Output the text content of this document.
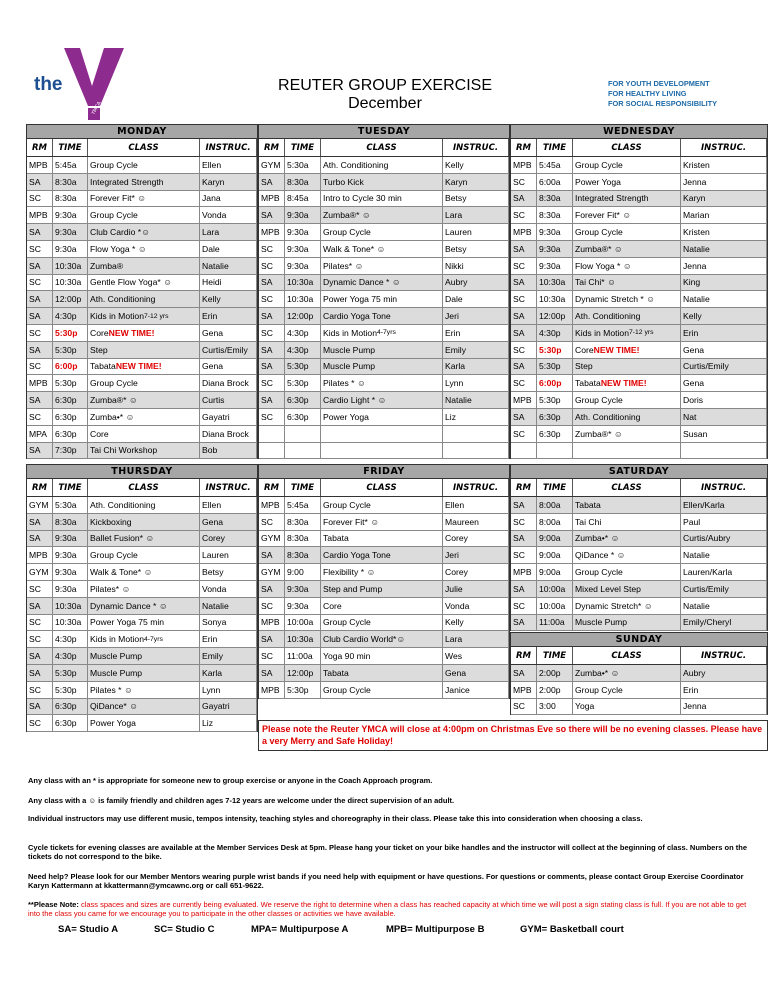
the
YMCA
REUTER GROUP EXERCISE
December
FOR YOUTH DEVELOPMENT
FOR HEALTHY LIVING
FOR SOCIAL RESPONSIBILITY
MONDAY
RM	TIME	CLASS	INSTRUC.
MPB 5:45a Group Cycle	Ellen
SA 8:30a Integrated Strength	Karyn
SC 8:30a Forever Fit* ☺	Jana
MPB 9:30a Group Cycle	Vonda
SA 9:30a Club Cardio *☺	Lara
SC 9:30a Flow Yoga * ☺	Dale
SA 10:30a Zumba®	Natalie
SC 10:30a Gentle Flow Yoga* ☺	Heidi
SA 12:00p Ath. Conditioning	Kelly
SA 4:30p Kids in Motion 7-12 yrs	Erin
SC 5:30p Core NEW TIME!	Gena
SA 5:30p Step	Curtis/Emily
SC 6:00p Tabata NEW TIME!	Gena
MPB 5:30p Group Cycle	Diana Brock
SA 6:30p Zumba®* ☺	Curtis
SC 6:30p Zumba•* ☺	Gayatri
MPA 6:30p Core	Diana Brock
SA 7:30p Tai Chi Workshop	Bob
TUESDAY
RM	TIME	CLASS	INSTRUC.
GYM 5:30a Ath. Conditioning	Kelly
SA 8:30a Turbo Kick	Karyn
MPB 8:45a Intro to Cycle 30 min	Betsy
SA 9:30a Zumba®* ☺	Lara
MPB 9:30a Group Cycle	Lauren
SC 9:30a Walk & Tone* ☺	Betsy
SC 9:30a Pilates* ☺	Nikki
SA 10:30a Dynamic Dance * ☺	Aubry
SC 10:30a Power Yoga 75 min	Dale
SA 12:00p Cardio Yoga Tone	Jeri
SC 4:30p Kids in Motion 4-7yrs	Erin
SA 4:30p Muscle Pump	Emily
SA 5:30p Muscle Pump	Karla
SC 5:30p Pilates * ☺	Lynn
SA 6:30p Cardio Light * ☺	Natalie
SC 6:30p Power Yoga	Liz
WEDNESDAY
RM	TIME	CLASS	INSTRUC.
MPB 5:45a Group Cycle	Kristen
SC 6:00a Power Yoga	Jenna
SA 8:30a Integrated Strength	Karyn
SC 8:30a Forever Fit* ☺	Marian
MPB 9:30a Group Cycle	Kristen
SA 9:30a Zumba®* ☺	Natalie
SC 9:30a Flow Yoga * ☺	Jenna
SA 10:30a Tai Chi* ☺	King
SC 10:30a Dynamic Stretch * ☺	Natalie
SA 12:00p Ath. Conditioning	Kelly
SA 4:30p Kids in Motion 7-12 yrs	Erin
SC 5:30p Core NEW TIME!	Gena
SA 5:30p Step	Curtis/Emily
SC 6:00p Tabata NEW TIME!	Gena
MPB 5:30p Group Cycle	Doris
SA 6:30p Ath. Conditioning	Nat
SC 6:30p Zumba®* ☺	Susan
THURSDAY
RM	TIME	CLASS	INSTRUC.
GYM 5:30a Ath. Conditioning	Ellen
SA 8:30a Kickboxing	Gena
SA 9:30a Ballet Fusion* ☺	Corey
MPB 9:30a Group Cycle	Lauren
GYM 9:30a Walk & Tone* ☺	Betsy
SC 9:30a Pilates* ☺	Vonda
SA 10:30a Dynamic Dance * ☺	Natalie
SC 10:30a Power Yoga 75 min	Sonya
SC 4:30p Kids in Motion 4-7yrs	Erin
SA 4:30p Muscle Pump	Emily
SA 5:30p Muscle Pump	Karla
SC 5:30p Pilates * ☺	Lynn
SA 6:30p QiDance* ☺	Gayatri
SC 6:30p Power Yoga	Liz
FRIDAY
RM	TIME	CLASS	INSTRUC.
MPB 5:45a Group Cycle	Ellen
SC 8:30a Forever Fit* ☺	Maureen
GYM 8:30a Tabata	Corey
SA 8:30a Cardio Yoga Tone	Jeri
GYM 9:00 Flexibility * ☺	Corey
SA 9:30a Step and Pump	Julie
SC 9:30a Core	Vonda
MPB 10:00a Group Cycle	Kelly
SA 10:30a Club Cardio World*☺	Lara
SC 11:00a Yoga 90 min	Wes
SA 12:00p Tabata	Gena
MPB 5:30p Group Cycle	Janice
SATURDAY
RM	TIME	CLASS	INSTRUC.
SA 8:00a Tabata	Ellen/Karla
SC 8:00a Tai Chi	Paul
SA 9:00a Zumba•* ☺	Curtis/Aubry
SC 9:00a QiDance * ☺	Natalie
MPB 9:00a Group Cycle	Lauren/Karla
SA 10:00a Mixed Level Step	Curtis/Emily
SC 10:00a Dynamic Stretch* ☺	Natalie
SA 11:00a Muscle Pump	Emily/Cheryl
SUNDAY
RM	TIME	CLASS	INSTRUC.
SA 2:00p Zumba•* ☺	Aubry
MPB 2:00p Group Cycle	Erin
SC 3:00 Yoga	Jenna
Please note the Reuter YMCA will close at 4:00pm on Christmas Eve so there will be no evening classes. Please have a very Merry and Safe Holiday!

Any class with an * is appropriate for someone new to group exercise or anyone in the Coach Approach program.

Any class with a ☺ is family friendly and children ages 7-12 years are welcome under the direct supervision of an adult.

Individual instructors may use different music, tempos intensity, teaching styles and choreography in their class. Please take this into consideration when choosing a class.

Cycle tickets for evening classes are available at the Member Services Desk at 5pm. Please hang your ticket on your bike handles and the instructor will collect at the beginning of class. Numbers on the tickets do not correspond to the bike.

Need help? Please look for our Member Mentors wearing purple wrist bands if you need help with equipment or have questions. For questions or comments, please contact Group Exercise Coordinator Karyn Kattermann at kkattermann@ymcawnc.org or call 651-9622.

**Please Note: class spaces and sizes are currently being evaluated. We reserve the right to determine when a class has reached capacity at which time we will post a sign stating class is full. If you are not able to get into the class you came for we encourage you to participate in the other classes or activities we have available.

SA= Studio A	SC= Studio C	MPA= Multipurpose A	MPB= Multipurpose B	GYM= Basketball court
